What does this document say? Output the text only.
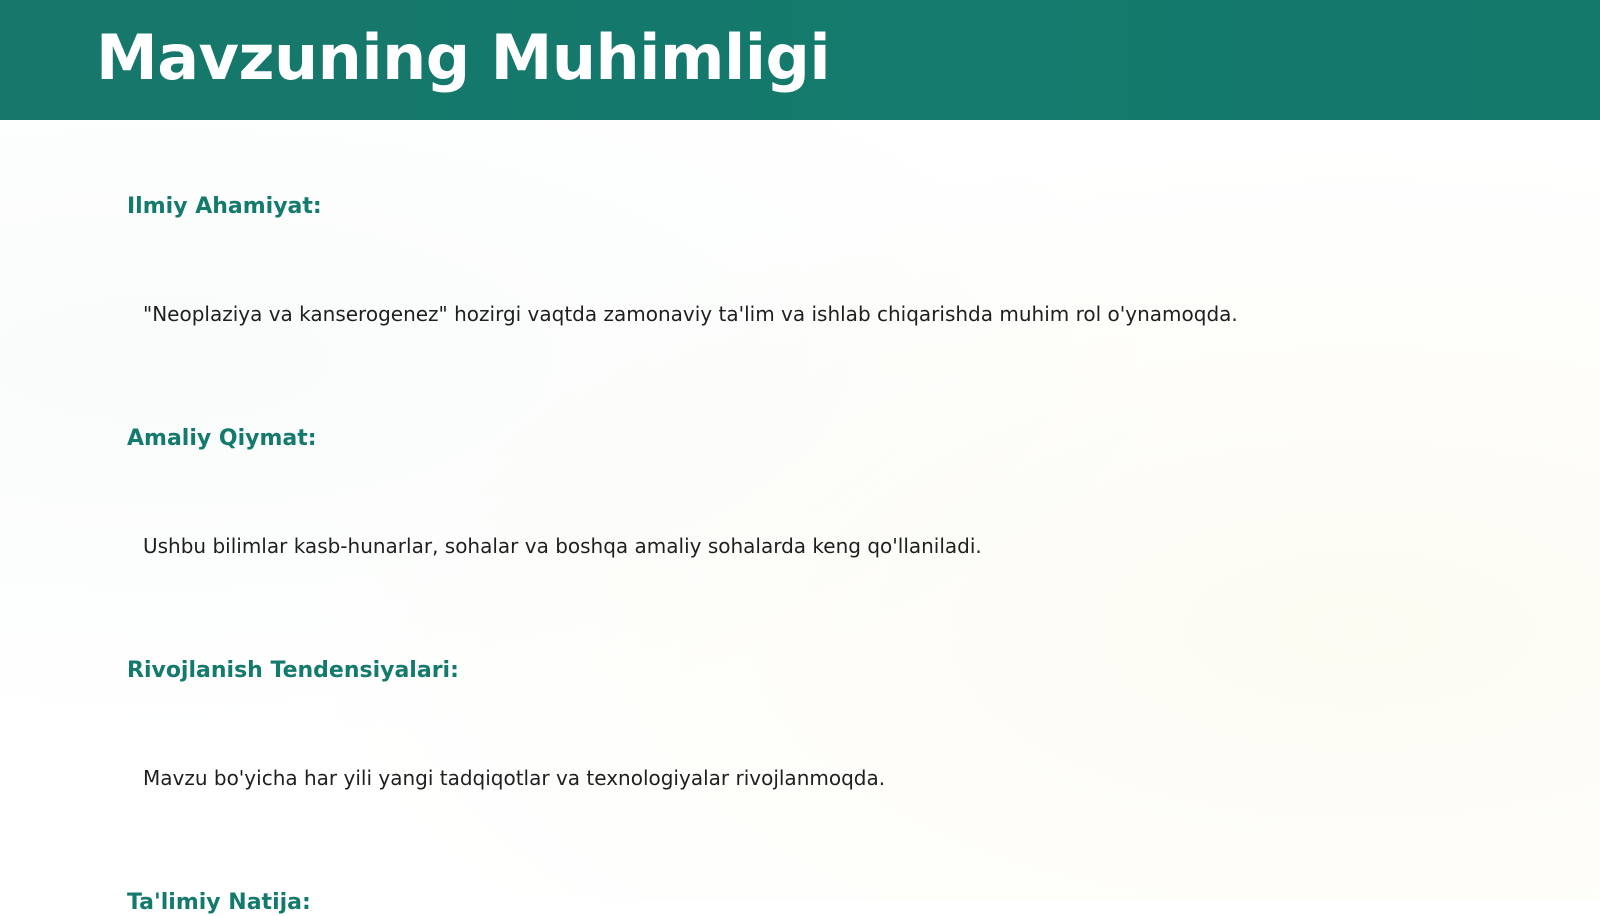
Mavzuning Muhimligi
Ilmiy Ahamiyat:

"Neoplaziya va kanserogenez" hozirgi vaqtda zamonaviy ta'lim va ishlab chiqarishda muhim rol o'ynamoqda.

Amaliy Qiymat:

Ushbu bilimlar kasb-hunarlar, sohalar va boshqa amaliy sohalarda keng qo'llaniladi.

Rivojlanish Tendensiyalari:

Mavzu bo'yicha har yili yangi tadqiqotlar va texnologiyalar rivojlanmoqda.

Ta'limiy Natija:
